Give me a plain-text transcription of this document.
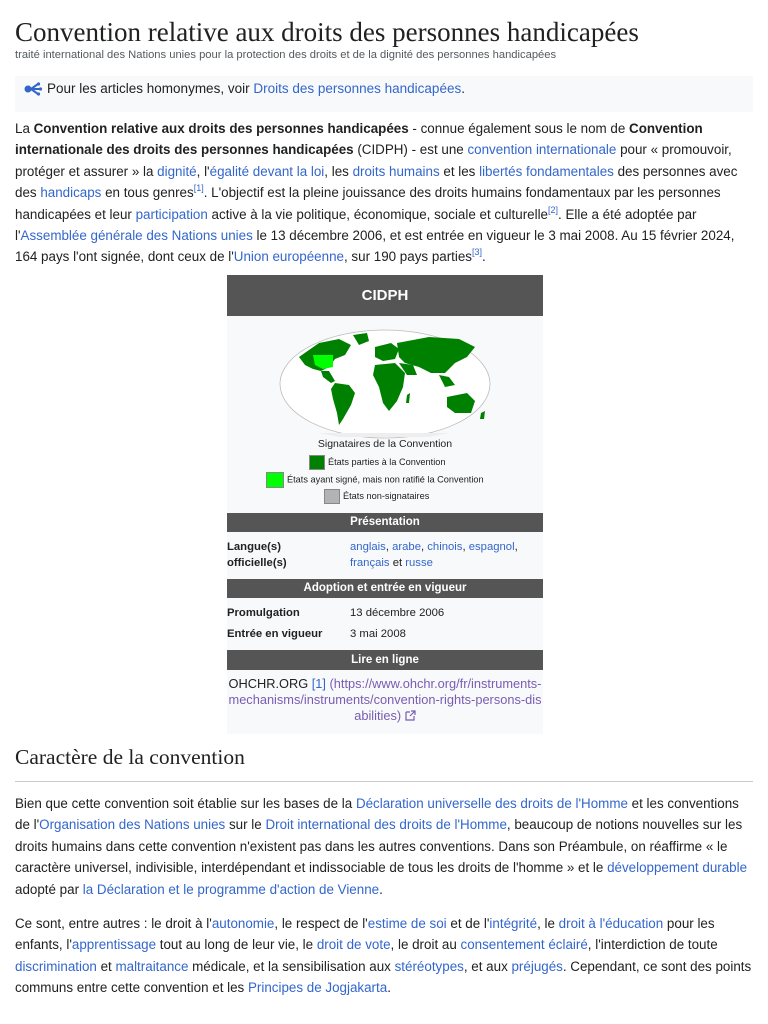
Convention relative aux droits des personnes handicapées
traité international des Nations unies pour la protection des droits et de la dignité des personnes handicapées
Pour les articles homonymes, voir Droits des personnes handicapées.

La Convention relative aux droits des personnes handicapées - connue également sous le nom de Convention internationale des droits des personnes handicapées (CIDPH) - est une convention internationale pour « promouvoir, protéger et assurer » la dignité, l'égalité devant la loi, les droits humains et les libertés fondamentales des personnes avec des handicaps en tous genres[1]. L'objectif est la pleine jouissance des droits humains fondamentaux par les personnes handicapées et leur participation active à la vie politique, économique, sociale et culturelle[2]. Elle a été adoptée par l'Assemblée générale des Nations unies le 13 décembre 2006, et est entrée en vigueur le 3 mai 2008. Au 15 février 2024, 164 pays l'ont signée, dont ceux de l'Union européenne, sur 190 pays parties[3].

CIDPH
Signataires de la Convention
États parties à la Convention
États ayant signé, mais non ratifié la Convention
États non-signataires
Présentation
Langue(s) officielle(s)
anglais, arabe, chinois, espagnol, français et russe
Adoption et entrée en vigueur
Promulgation	13 décembre 2006
Entrée en vigueur 3 mai 2008
Lire en ligne
OHCHR.ORG [1] (https://www.ohchr.org/fr/instruments-mechanisms/instruments/convention-rights-persons-disabilities)
Caractère de la convention

Bien que cette convention soit établie sur les bases de la Déclaration universelle des droits de l'Homme et les conventions de l'Organisation des Nations unies sur le Droit international des droits de l'Homme, beaucoup de notions nouvelles sur les droits humains dans cette convention n'existent pas dans les autres conventions. Dans son Préambule, on réaffirme « le caractère universel, indivisible, interdépendant et indissociable de tous les droits de l'homme » et le développement durable adopté par la Déclaration et le programme d'action de Vienne.

Ce sont, entre autres : le droit à l'autonomie, le respect de l'estime de soi et de l'intégrité, le droit à l'éducation pour les enfants, l'apprentissage tout au long de leur vie, le droit de vote, le droit au consentement éclairé, l'interdiction de toute discrimination et maltraitance médicale, et la sensibilisation aux stéréotypes, et aux préjugés. Cependant, ce sont des points communs entre cette convention et les Principes de Jogjakarta.
